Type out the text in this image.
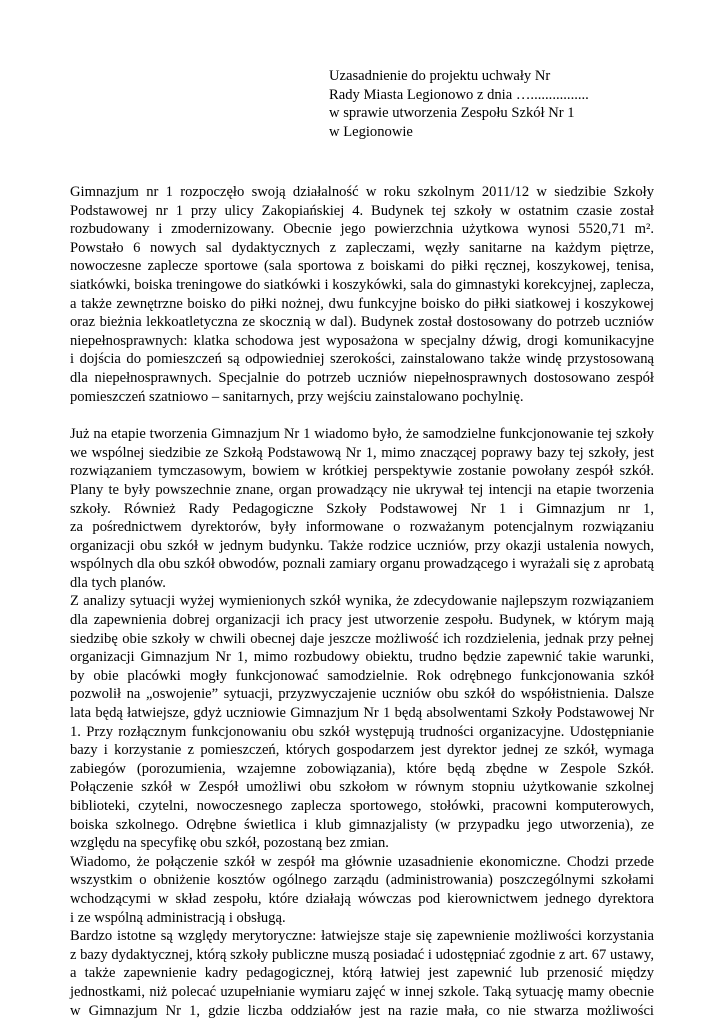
Uzasadnienie do projektu uchwały Nr
Rady Miasta Legionowo z dnia …................
w sprawie utworzenia Zespołu Szkół Nr 1
w Legionowie
Gimnazjum nr 1 rozpoczęło swoją działalność w roku szkolnym 2011/12 w siedzibie Szkoły
Podstawowej nr 1 przy ulicy Zakopiańskiej 4. Budynek tej szkoły w ostatnim czasie został
rozbudowany i zmodernizowany. Obecnie jego powierzchnia użytkowa wynosi 5520,71 m².
Powstało 6 nowych sal dydaktycznych z zapleczami, węzły sanitarne na każdym piętrze,
nowoczesne zaplecze sportowe (sala sportowa z boiskami do piłki ręcznej, koszykowej, tenisa,
siatkówki, boiska treningowe do siatkówki i koszykówki, sala do gimnastyki korekcyjnej, zaplecza,
a także zewnętrzne boisko do piłki nożnej, dwu funkcyjne boisko do piłki siatkowej i koszykowej
oraz bieżnia lekkoatletyczna ze skocznią w dal). Budynek został dostosowany do potrzeb uczniów
niepełnosprawnych: klatka schodowa jest wyposażona w specjalny dźwig, drogi komunikacyjne
i dojścia do pomieszczeń są odpowiedniej szerokości, zainstalowano także windę przystosowaną
dla niepełnosprawnych. Specjalnie do potrzeb uczniów niepełnosprawnych dostosowano zespół
pomieszczeń szatniowo – sanitarnych, przy wejściu zainstalowano pochylnię.
Już na etapie tworzenia Gimnazjum Nr 1 wiadomo było, że samodzielne funkcjonowanie tej szkoły
we wspólnej siedzibie ze Szkołą Podstawową Nr 1, mimo znaczącej poprawy bazy tej szkoły, jest
rozwiązaniem tymczasowym, bowiem w krótkiej perspektywie zostanie powołany zespół szkół.
Plany te były powszechnie znane, organ prowadzący nie ukrywał tej intencji na etapie tworzenia
szkoły. Również Rady Pedagogiczne Szkoły Podstawowej Nr 1 i Gimnazjum nr 1,
za pośrednictwem dyrektorów, były informowane o rozważanym potencjalnym rozwiązaniu
organizacji obu szkół w jednym budynku. Także rodzice uczniów, przy okazji ustalenia nowych,
wspólnych dla obu szkół obwodów, poznali zamiary organu prowadzącego i wyrażali się z aprobatą
dla tych planów.
Z analizy sytuacji wyżej wymienionych szkół wynika, że zdecydowanie najlepszym rozwiązaniem
dla zapewnienia dobrej organizacji ich pracy jest utworzenie zespołu. Budynek, w którym mają
siedzibę obie szkoły w chwili obecnej daje jeszcze możliwość ich rozdzielenia, jednak przy pełnej
organizacji Gimnazjum Nr 1, mimo rozbudowy obiektu, trudno będzie zapewnić takie warunki,
by obie placówki mogły funkcjonować samodzielnie. Rok odrębnego funkcjonowania szkół
pozwolił na „oswojenie” sytuacji, przyzwyczajenie uczniów obu szkół do współistnienia. Dalsze
lata będą łatwiejsze, gdyż uczniowie Gimnazjum Nr 1 będą absolwentami Szkoły Podstawowej Nr
1. Przy rozłącznym funkcjonowaniu obu szkół występują trudności organizacyjne. Udostępnianie
bazy i korzystanie z pomieszczeń, których gospodarzem jest dyrektor jednej ze szkół, wymaga
zabiegów (porozumienia, wzajemne zobowiązania), które będą zbędne w Zespole Szkół.
Połączenie szkół w Zespół umożliwi obu szkołom w równym stopniu użytkowanie szkolnej
biblioteki, czytelni, nowoczesnego zaplecza sportowego, stołówki, pracowni komputerowych,
boiska szkolnego. Odrębne świetlica i klub gimnazjalisty (w przypadku jego utworzenia), ze
względu na specyfikę obu szkół, pozostaną bez zmian.
Wiadomo, że połączenie szkół w zespół ma głównie uzasadnienie ekonomiczne. Chodzi przede
wszystkim o obniżenie kosztów ogólnego zarządu (administrowania) poszczególnymi szkołami
wchodzącymi w skład zespołu, które działają wówczas pod kierownictwem jednego dyrektora
i ze wspólną administracją i obsługą.
Bardzo istotne są względy merytoryczne: łatwiejsze staje się zapewnienie możliwości korzystania
z bazy dydaktycznej, którą szkoły publiczne muszą posiadać i udostępniać zgodnie z art. 67 ustawy,
a także zapewnienie kadry pedagogicznej, którą łatwiej jest zapewnić lub przenosić między
jednostkami, niż polecać uzupełnianie wymiaru zajęć w innej szkole. Taką sytuację mamy obecnie
w Gimnazjum Nr 1, gdzie liczba oddziałów jest na razie mała, co nie stwarza możliwości
